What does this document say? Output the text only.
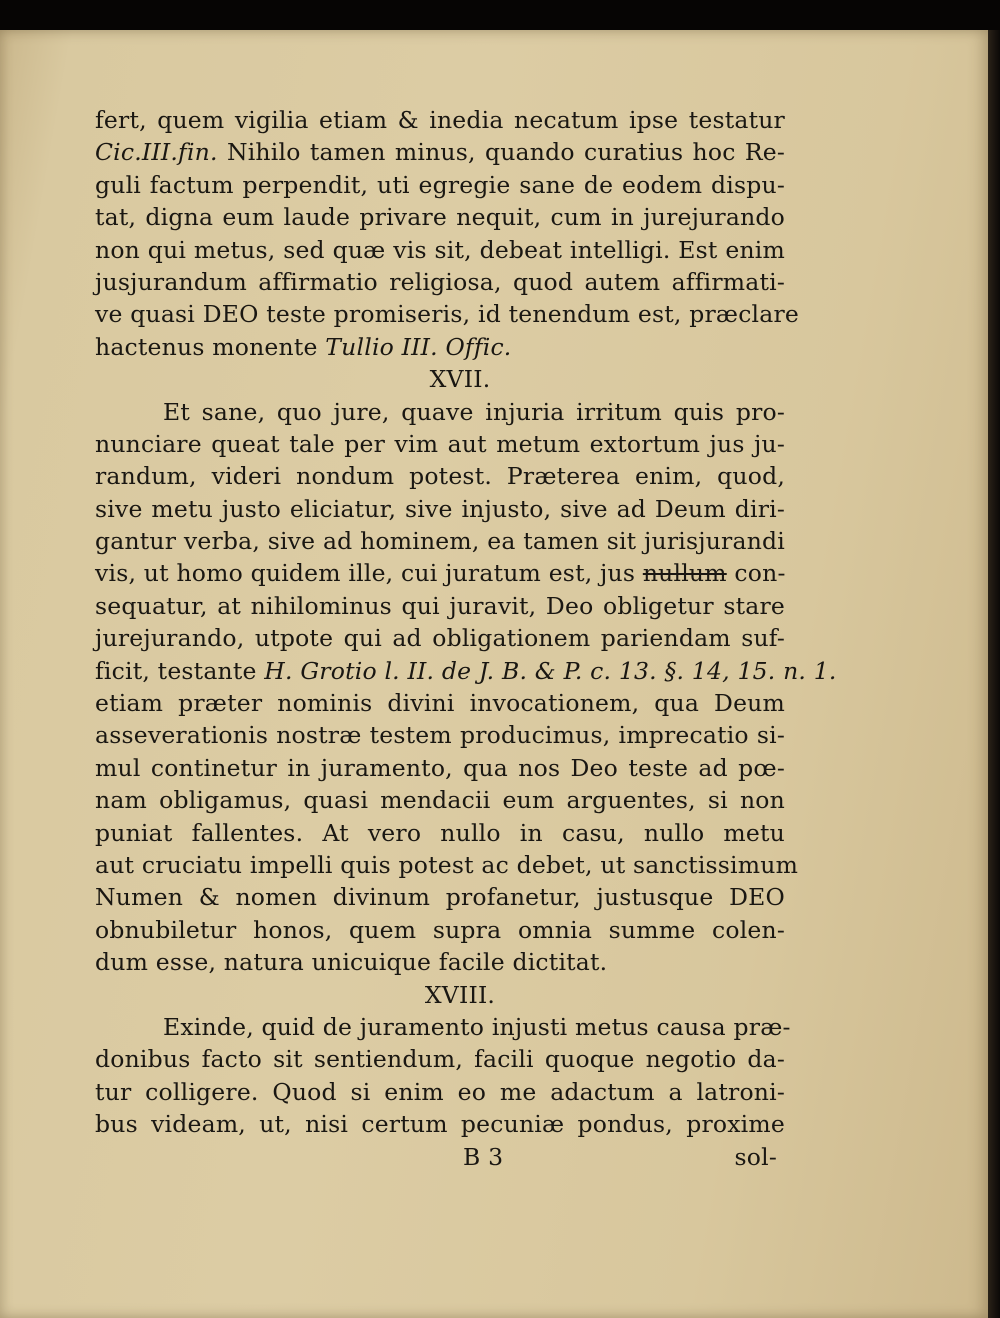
fert, quem vigilia etiam & inedia necatum ipse testatur
Cic.III.fin. Nihilo tamen minus, quando curatius hoc Re-
guli factum perpendit, uti egregie sane de eodem dispu-
tat, digna eum laude privare nequit, cum in jurejurando
non qui metus, sed quæ vis sit, debeat intelligi. Est enim
jusjurandum affirmatio religiosa, quod autem affirmati-
ve quasi DEO teste promiseris, id tenendum est, præclare
hactenus monente Tullio III. Offic.
XVII.
Et sane, quo jure, quave injuria irritum quis pro-
nunciare queat tale per vim aut metum extortum jus ju-
randum, videri nondum potest. Præterea enim, quod,
sive metu justo eliciatur, sive injusto, sive ad Deum diri-
gantur verba, sive ad hominem, ea tamen sit jurisjurandi
vis, ut homo quidem ille, cui juratum est, jus nullum con-
sequatur, at nihilominus qui juravit, Deo obligetur stare
jurejurando, utpote qui ad obligationem pariendam suf-
ficit, testante H. Grotio l. II. de J. B. & P. c. 13. §. 14, 15. n. 1.
etiam præter nominis divini invocationem, qua Deum
asseverationis nostræ testem producimus, imprecatio si-
mul continetur in juramento, qua nos Deo teste ad pœ-
nam obligamus, quasi mendacii eum arguentes, si non
puniat fallentes. At vero nullo in casu, nullo metu
aut cruciatu impelli quis potest ac debet, ut sanctissimum
Numen & nomen divinum profanetur, justusque DEO
obnubiletur honos, quem supra omnia summe colen-
dum esse, natura unicuique facile dictitat.
XVIII.
Exinde, quid de juramento injusti metus causa præ-
donibus facto sit sentiendum, facili quoque negotio da-
tur colligere. Quod si enim eo me adactum a latroni-
bus videam, ut, nisi certum pecuniæ pondus, proxime
B 3	sol-
